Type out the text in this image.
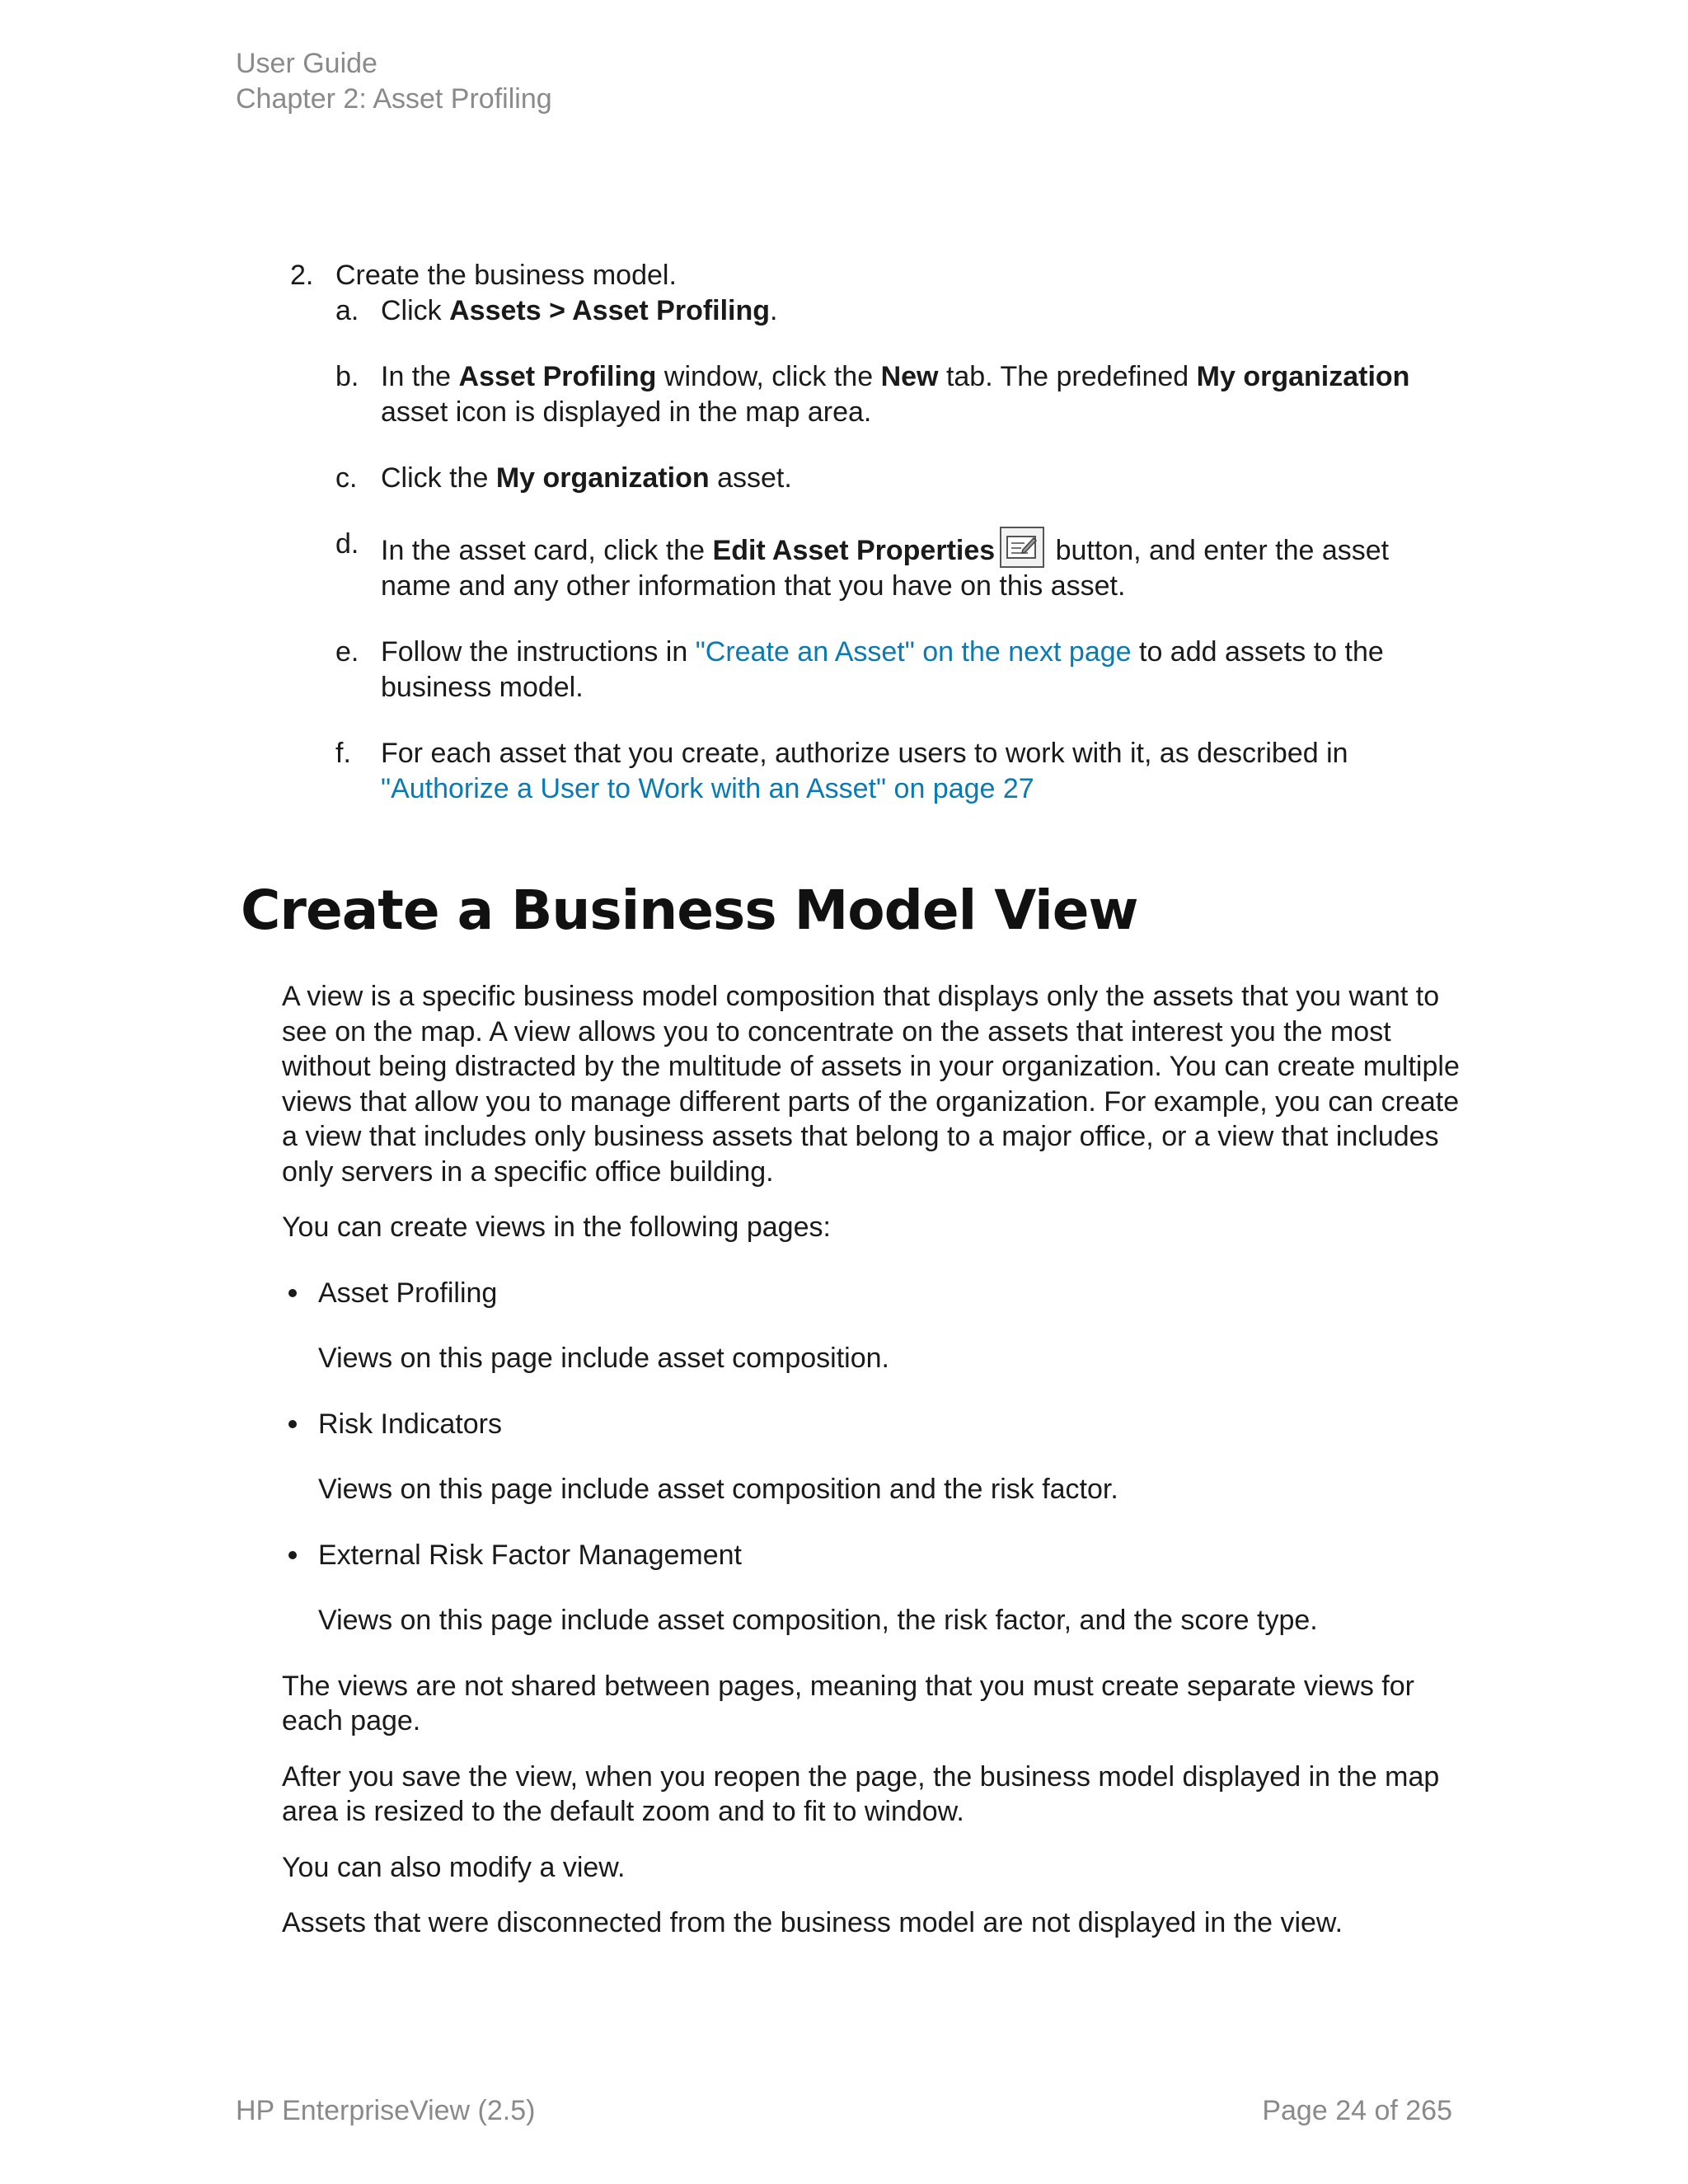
User Guide
Chapter 2: Asset Profiling
2. Create the business model.
a. Click Assets > Asset Profiling.
b. In the Asset Profiling window, click the New tab. The predefined My organization asset icon is displayed in the map area.
c. Click the My organization asset.
d. In the asset card, click the Edit Asset Properties
button, and enter the asset name and any other information that you have on this asset.
e. Follow the instructions in "Create an Asset" on the next page to add assets to the business model.
f.	For each asset that you create, authorize users to work with it, as described in "Authorize a User to Work with an Asset" on page 27
Create a Business Model View

A view is a specific business model composition that displays only the assets that you want to see on the map. A view allows you to concentrate on the assets that interest you the most without being distracted by the multitude of assets in your organization. You can create multiple views that allow you to manage different parts of the organization. For example, you can create a view that includes only business assets that belong to a major office, or a view that includes only servers in a specific office building.

You can create views in the following pages:

Asset Profiling
Views on this page include asset composition.
Risk Indicators
Views on this page include asset composition and the risk factor.
External Risk Factor Management
Views on this page include asset composition, the risk factor, and the score type.

The views are not shared between pages, meaning that you must create separate views for each page.

After you save the view, when you reopen the page, the business model displayed in the map area is resized to the default zoom and to fit to window.

You can also modify a view.

Assets that were disconnected from the business model are not displayed in the view.

HP EnterpriseView (2.5)	Page 24 of 265
